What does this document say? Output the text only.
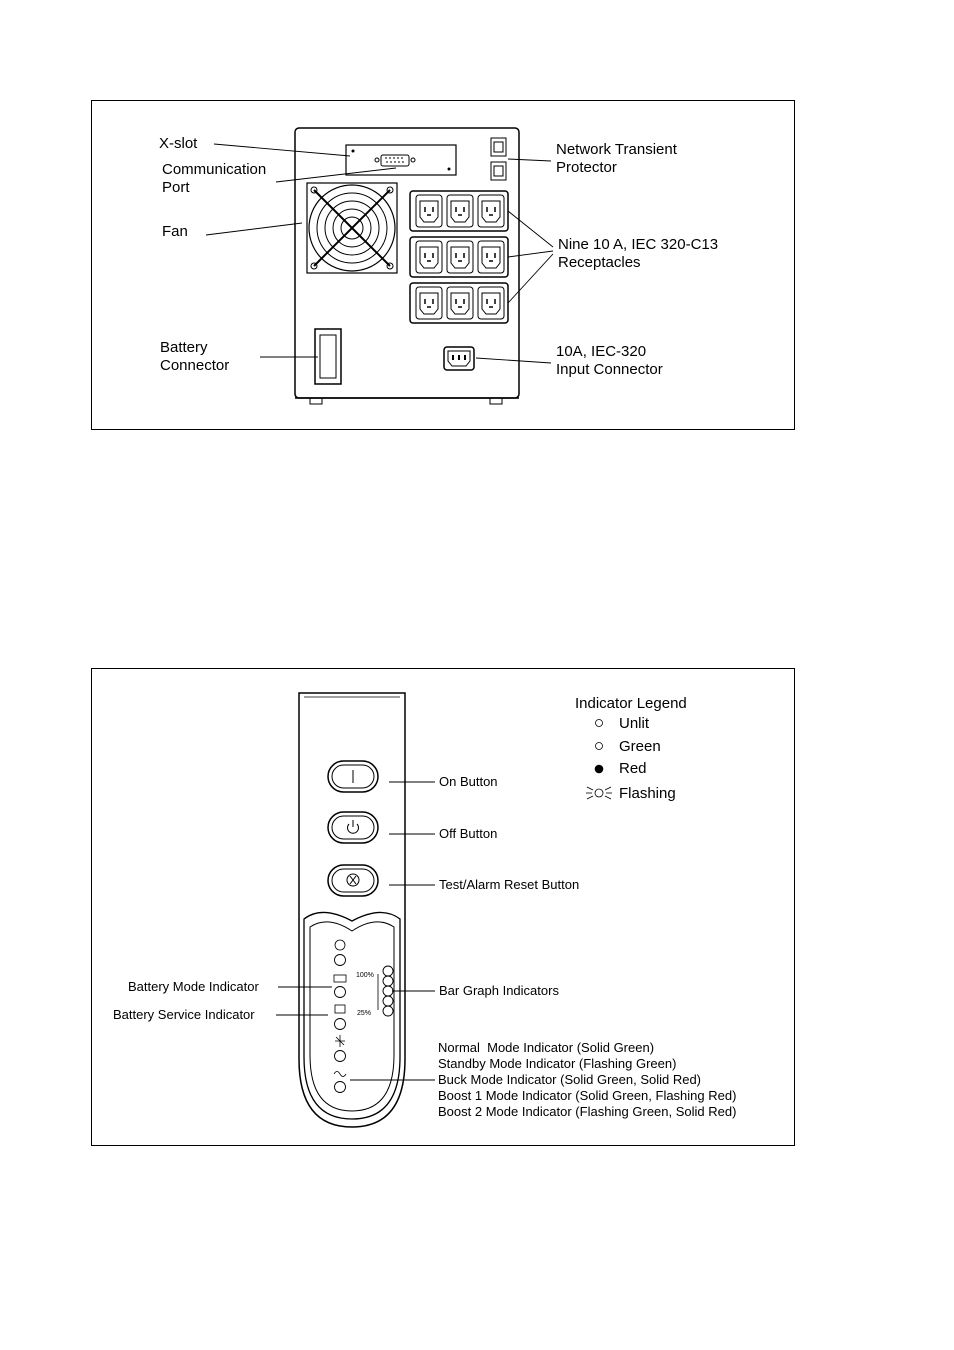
X-slot
Communication
Port
Fan
Battery
Connector
Network Transient
Protector
Nine 10 A, IEC 320-C13
Receptacles
10A, IEC-320
Input Connector
On Button
Off Button
Test/Alarm Reset Button
Battery Mode Indicator
Battery Service Indicator
Bar Graph Indicators
Normal  Mode Indicator (Solid Green)
Standby Mode Indicator (Flashing Green)
Buck Mode Indicator (Solid Green, Solid Red)
Boost 1 Mode Indicator (Solid Green, Flashing Red)
Boost 2 Mode Indicator (Flashing Green, Solid Red)
100%
25%
Indicator Legend
Unlit
Green
Red
Flashing
